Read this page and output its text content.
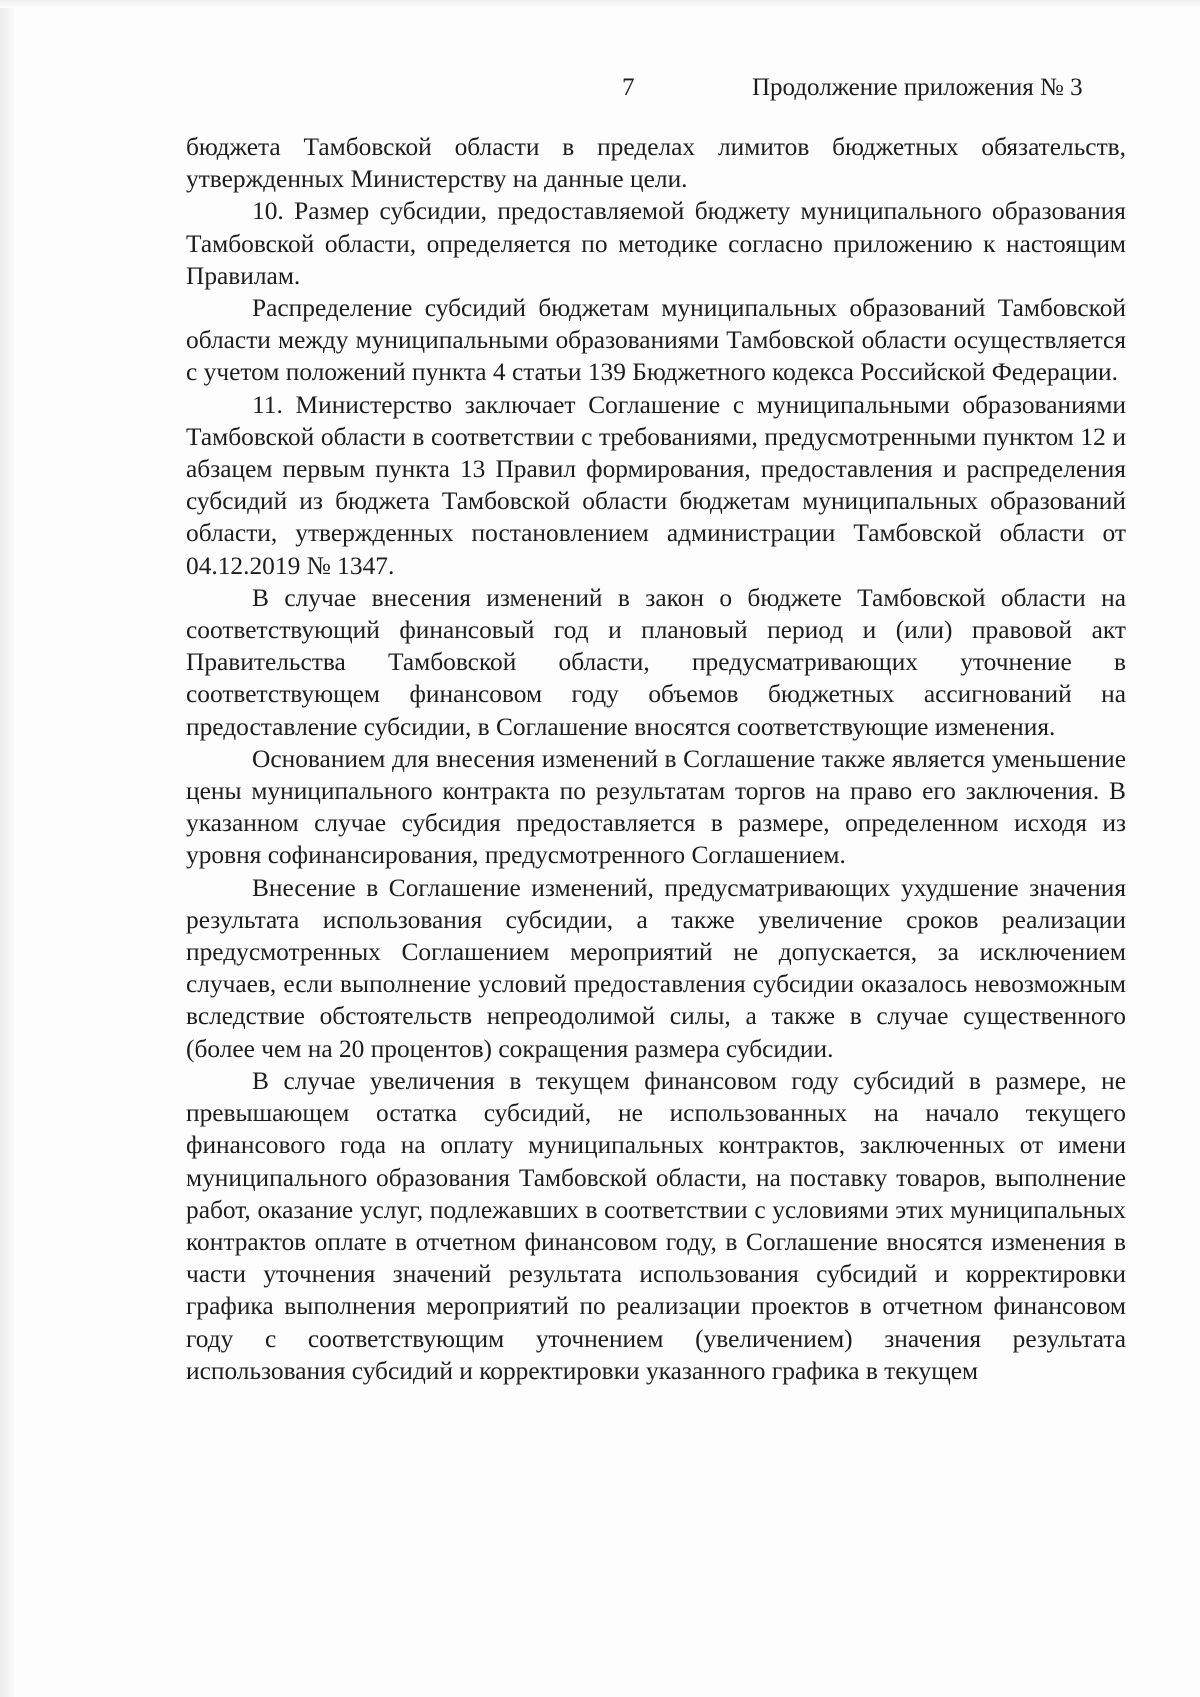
7	Продолжение приложения № 3

бюджета Тамбовской области в пределах лимитов бюджетных обязательств, утвержденных Министерству на данные цели.

10. Размер субсидии, предоставляемой бюджету муниципального образования Тамбовской области, определяется по методике согласно приложению к настоящим Правилам.

Распределение субсидий бюджетам муниципальных образований Тамбовской области между муниципальными образованиями Тамбовской области осуществляется с учетом положений пункта 4 статьи 139 Бюджетного кодекса Российской Федерации.

11. Министерство заключает Соглашение с муниципальными образованиями Тамбовской области в соответствии с требованиями, предусмотренными пунктом 12 и абзацем первым пункта 13 Правил формирования, предоставления и распределения субсидий из бюджета Тамбовской области бюджетам муниципальных образований области, утвержденных постановлением администрации Тамбовской области от 04.12.2019 № 1347.

В случае внесения изменений в закон о бюджете Тамбовской области на соответствующий финансовый год и плановый период и (или) правовой акт Правительства Тамбовской области, предусматривающих уточнение в соответствующем финансовом году объемов бюджетных ассигнований на предоставление субсидии, в Соглашение вносятся соответствующие изменения.

Основанием для внесения изменений в Соглашение также является уменьшение цены муниципального контракта по результатам торгов на право его заключения. В указанном случае субсидия предоставляется в размере, определенном исходя из уровня софинансирования, предусмотренного Соглашением.

Внесение в Соглашение изменений, предусматривающих ухудшение значения результата использования субсидии, а также увеличение сроков реализации предусмотренных Соглашением мероприятий не допускается, за исключением случаев, если выполнение условий предоставления субсидии оказалось невозможным вследствие обстоятельств непреодолимой силы, а также в случае существенного (более чем на 20 процентов) сокращения размера субсидии.

В случае увеличения в текущем финансовом году субсидий в размере, не превышающем остатка субсидий, не использованных на начало текущего финансового года на оплату муниципальных контрактов, заключенных от имени муниципального образования Тамбовской области, на поставку товаров, выполнение работ, оказание услуг, подлежавших в соответствии с условиями этих муниципальных контрактов оплате в отчетном финансовом году, в Соглашение вносятся изменения в части уточнения значений результата использования субсидий и корректировки графика выполнения мероприятий по реализации проектов в отчетном финансовом году с соответствующим уточнением (увеличением) значения результата использования субсидий и корректировки указанного графика в текущем
